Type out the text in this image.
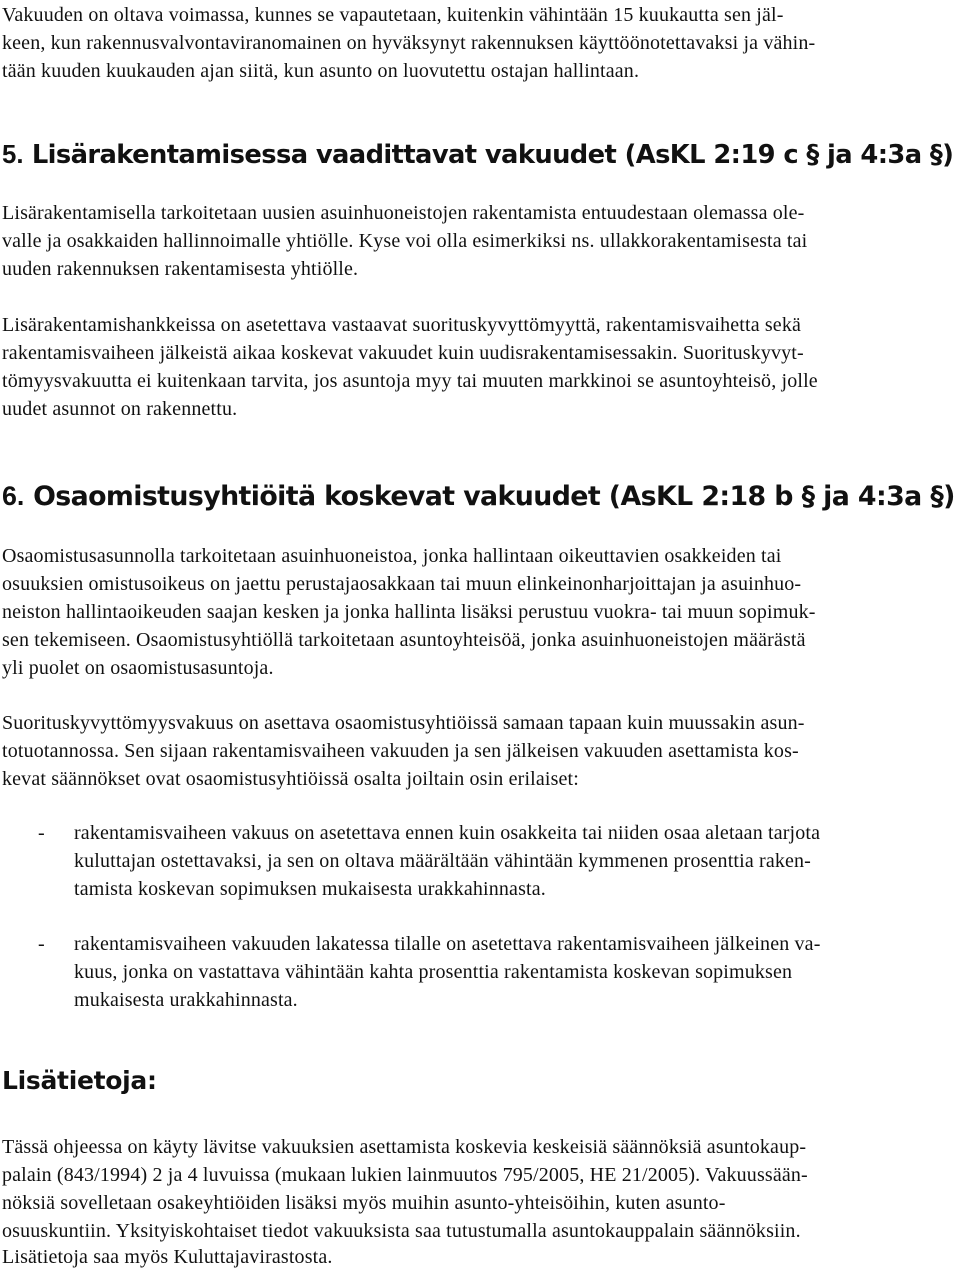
Vakuuden on oltava voimassa, kunnes se vapautetaan, kuitenkin vähintään 15 kuukautta sen jäl-
keen, kun rakennusvalvontaviranomainen on hyväksynyt rakennuksen käyttöönotettavaksi ja vähin-
tään kuuden kuukauden ajan siitä, kun asunto on luovutettu ostajan hallintaan.
5. Lisärakentamisessa vaadittavat vakuudet (AsKL 2:19 c § ja 4:3a §)
Lisärakentamisella tarkoitetaan uusien asuinhuoneistojen rakentamista entuudestaan olemassa ole-
valle ja osakkaiden hallinnoimalle yhtiölle. Kyse voi olla esimerkiksi ns. ullakkorakentamisesta tai
uuden rakennuksen rakentamisesta yhtiölle.
Lisärakentamishankkeissa on asetettava vastaavat suorituskyvyttömyyttä, rakentamisvaihetta sekä
rakentamisvaiheen jälkeistä aikaa koskevat vakuudet kuin uudisrakentamisessakin. Suorituskyvyt-
tömyysvakuutta ei kuitenkaan tarvita, jos asuntoja myy tai muuten markkinoi se asuntoyhteisö, jolle
uudet asunnot on rakennettu.
6. Osaomistusyhtiöitä koskevat vakuudet (AsKL 2:18 b § ja 4:3a §)
Osaomistusasunnolla tarkoitetaan asuinhuoneistoa, jonka hallintaan oikeuttavien osakkeiden tai
osuuksien omistusoikeus on jaettu perustajaosakkaan tai muun elinkeinonharjoittajan ja asuinhuo-
neiston hallintaoikeuden saajan kesken ja jonka hallinta lisäksi perustuu vuokra- tai muun sopimuk-
sen tekemiseen. Osaomistusyhtiöllä tarkoitetaan asuntoyhteisöä, jonka asuinhuoneistojen määrästä
yli puolet on osaomistusasuntoja.
Suorituskyvyttömyysvakuus on asettava osaomistusyhtiöissä samaan tapaan kuin muussakin asun-
totuotannossa. Sen sijaan rakentamisvaiheen vakuuden ja sen jälkeisen vakuuden asettamista kos-
kevat säännökset ovat osaomistusyhtiöissä osalta joiltain osin erilaiset:
- rakentamisvaiheen vakuus on asetettava ennen kuin osakkeita tai niiden osaa aletaan tarjota
kuluttajan ostettavaksi, ja sen on oltava määrältään vähintään kymmenen prosenttia raken-
tamista koskevan sopimuksen mukaisesta urakkahinnasta.
- rakentamisvaiheen vakuuden lakatessa tilalle on asetettava rakentamisvaiheen jälkeinen va-
kuus, jonka on vastattava vähintään kahta prosenttia rakentamista koskevan sopimuksen
mukaisesta urakkahinnasta.
Lisätietoja:
Tässä ohjeessa on käyty lävitse vakuuksien asettamista koskevia keskeisiä säännöksiä asuntokaup-
palain (843/1994) 2 ja 4 luvuissa (mukaan lukien lainmuutos 795/2005, HE 21/2005). Vakuussään-
nöksiä sovelletaan osakeyhtiöiden lisäksi myös muihin asunto-yhteisöihin, kuten asunto-
osuuskuntiin. Yksityiskohtaiset tiedot vakuuksista saa tutustumalla asuntokauppalain säännöksiin.
Lisätietoja saa myös Kuluttajavirastosta.
